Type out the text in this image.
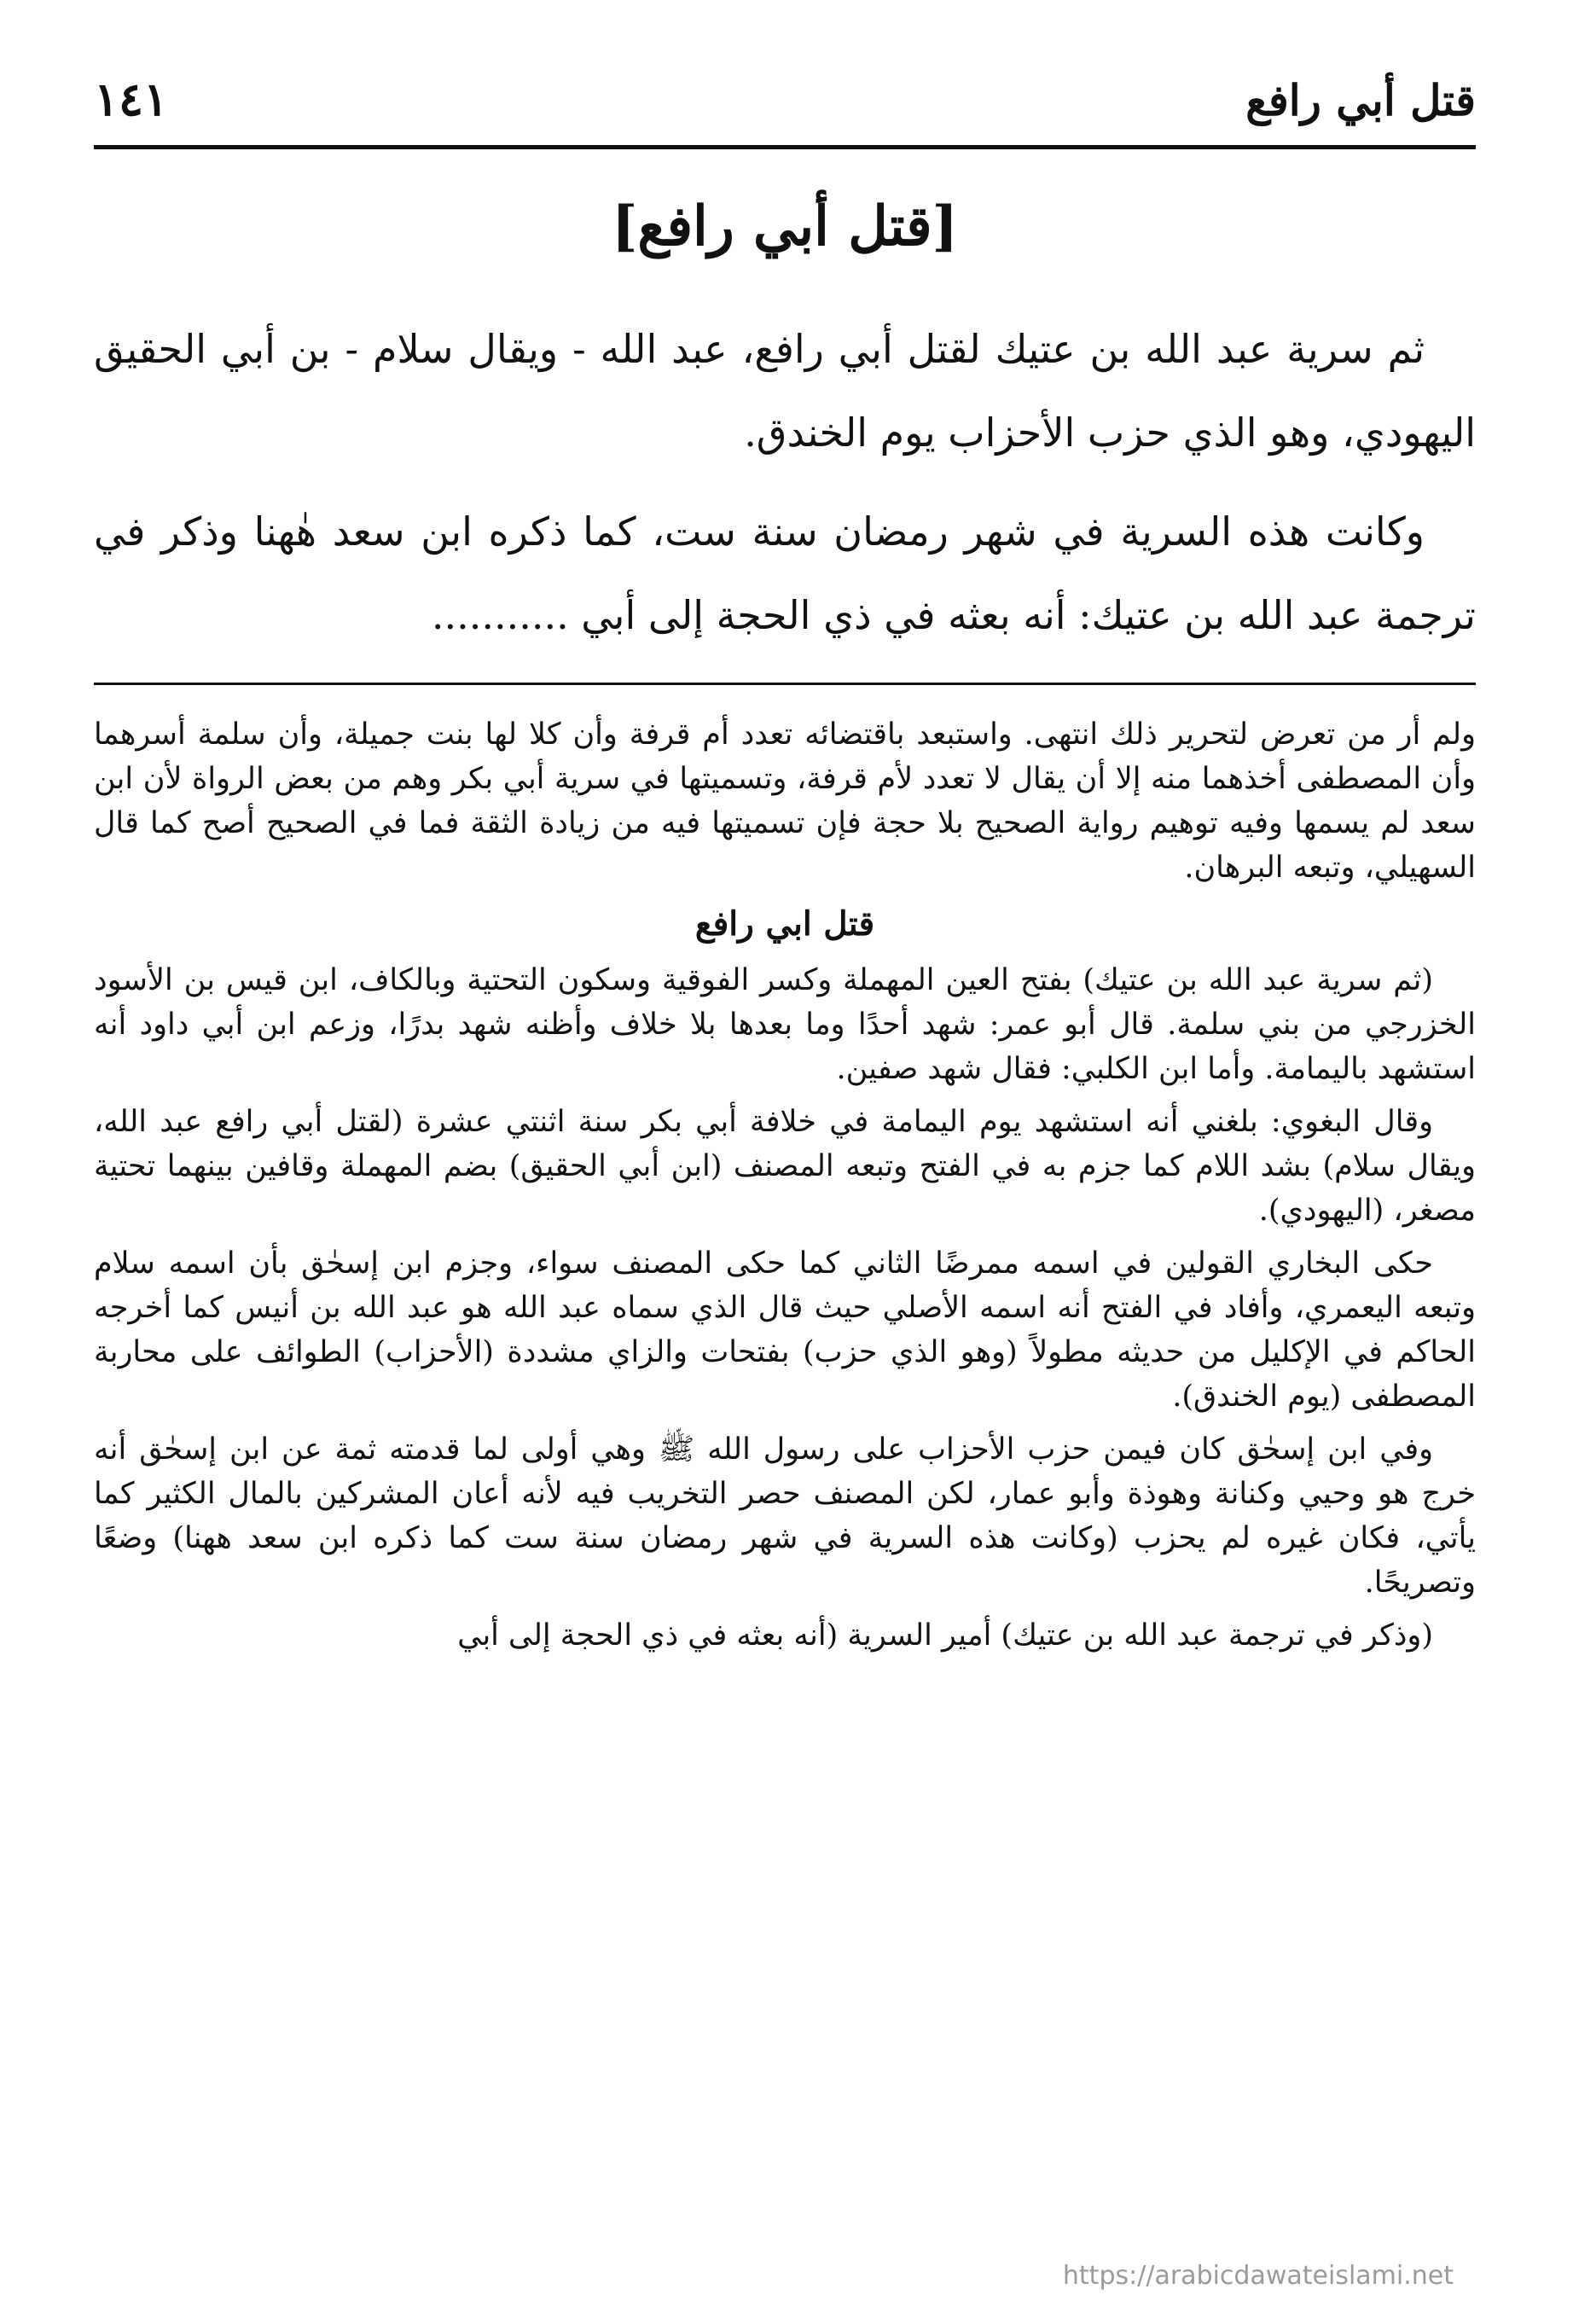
قتل أبي رافع
١٤١
[قتل أبي رافع]

ثم سرية عبد الله بن عتيك لقتل أبي رافع، عبد الله - ويقال سلام - بن أبي الحقيق اليهودي، وهو الذي حزب الأحزاب يوم الخندق.

وكانت هذه السرية في شهر رمضان سنة ست، كما ذكره ابن سعد هٰهنا وذكر في ترجمة عبد الله بن عتيك: أنه بعثه في ذي الحجة إلى أبي ...........

ولم أر من تعرض لتحرير ذلك انتهى. واستبعد باقتضائه تعدد أم قرفة وأن كلا لها بنت جميلة، وأن سلمة أسرهما وأن المصطفى أخذهما منه إلا أن يقال لا تعدد لأم قرفة، وتسميتها في سرية أبي بكر وهم من بعض الرواة لأن ابن سعد لم يسمها وفيه توهيم رواية الصحيح بلا حجة فإن تسميتها فيه من زيادة الثقة فما في الصحيح أصح كما قال السهيلي، وتبعه البرهان.

قتل ابي رافع

(ثم سرية عبد الله بن عتيك) بفتح العين المهملة وكسر الفوقية وسكون التحتية وبالكاف، ابن قيس بن الأسود الخزرجي من بني سلمة. قال أبو عمر: شهد أحدًا وما بعدها بلا خلاف وأظنه شهد بدرًا، وزعم ابن أبي داود أنه استشهد باليمامة. وأما ابن الكلبي: فقال شهد صفين.

وقال البغوي: بلغني أنه استشهد يوم اليمامة في خلافة أبي بكر سنة اثنتي عشرة (لقتل أبي رافع عبد الله، ويقال سلام) بشد اللام كما جزم به في الفتح وتبعه المصنف (ابن أبي الحقيق) بضم المهملة وقافين بينهما تحتية مصغر، (اليهودي).

حكى البخاري القولين في اسمه ممرضًا الثاني كما حكى المصنف سواء، وجزم ابن إسحٰق بأن اسمه سلام وتبعه اليعمري، وأفاد في الفتح أنه اسمه الأصلي حيث قال الذي سماه عبد الله هو عبد الله بن أنيس كما أخرجه الحاكم في الإكليل من حديثه مطولاً (وهو الذي حزب) بفتحات والزاي مشددة (الأحزاب) الطوائف على محاربة المصطفى (يوم الخندق).

وفي ابن إسحٰق كان فيمن حزب الأحزاب على رسول الله ﷺ وهي أولى لما قدمته ثمة عن ابن إسحٰق أنه خرج هو وحيي وكنانة وهوذة وأبو عمار، لكن المصنف حصر التخريب فيه لأنه أعان المشركين بالمال الكثير كما يأتي، فكان غيره لم يحزب (وكانت هذه السرية في شهر رمضان سنة ست كما ذكره ابن سعد ههنا) وضعًا وتصريحًا.

(وذكر في ترجمة عبد الله بن عتيك) أمير السرية (أنه بعثه في ذي الحجة إلى أبي

https://arabicdawateislami.net
